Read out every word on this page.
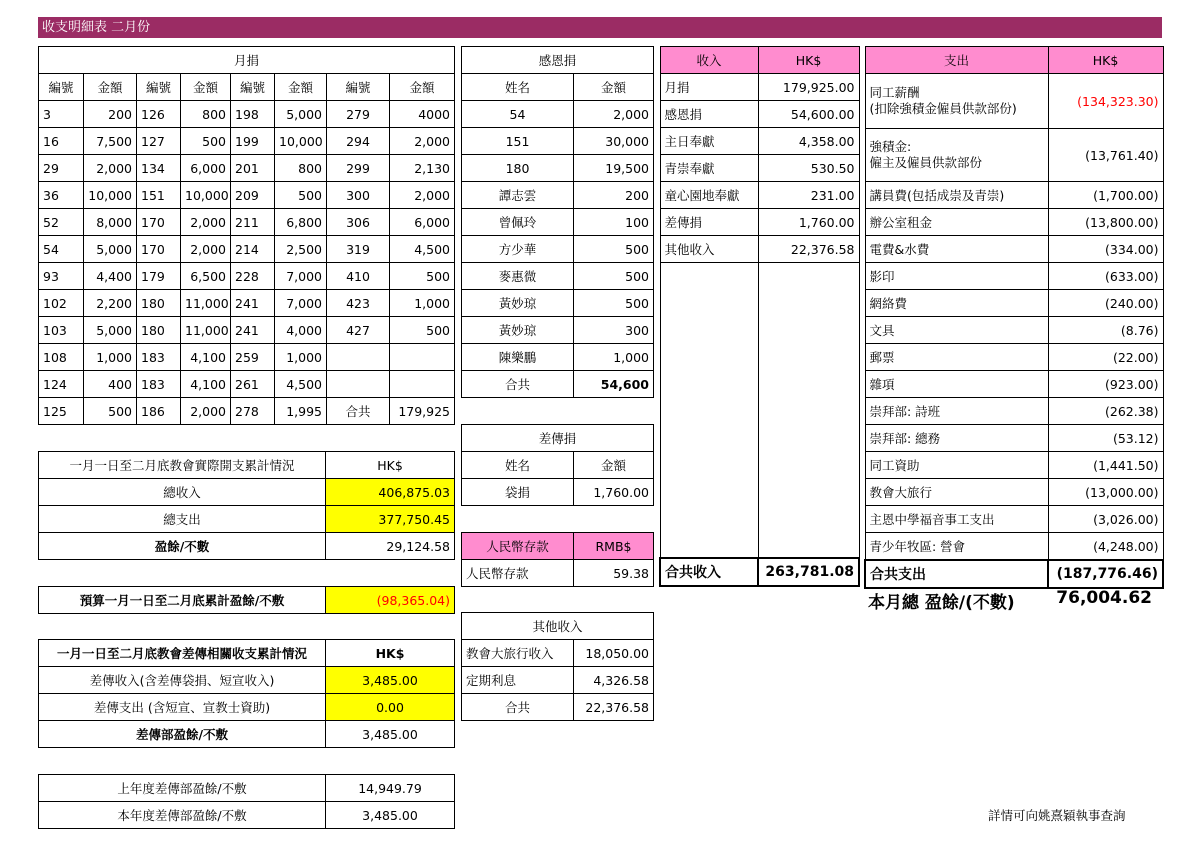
收支明細表 二月份
月捐							
編號	金額	編號	金額	編號	金額	編號	金額
3	200	126	800	198	5,000	279	4000
16	7,500	127	500	199	10,000	294	2,000
29	2,000	134	6,000	201	800	299	2,130
36	10,000	151	10,000	209	500	300	2,000
52	8,000	170	2,000	211	6,800	306	6,000
54	5,000	170	2,000	214	2,500	319	4,500
93	4,400	179	6,500	228	7,000	410	500
102	2,200	180	11,000	241	7,000	423	1,000
103	5,000	180	11,000	241	4,000	427	500
108	1,000	183	4,100	259	1,000		
124	400	183	4,100	261	4,500		
125	500	186	2,000	278	1,995	合共	179,925
感恩捐	
姓名	金額
54	2,000
151	30,000
180	19,500
譚志雲	200
曾佩玲	100
方少華	500
麥惠微	500
黃妙琼	500
黃妙琼	300
陳樂鵬	1,000
合共	54,600
差傳捐	
姓名	金額
袋捐	1,760.00
人民幣存款	RMB$
人民幣存款	59.38
其他收入	
教會大旅行收入	18,050.00
定期利息	4,326.58
合共	22,376.58
收入	HK$
月捐	179,925.00
感恩捐	54,600.00
主日奉獻	4,358.00
青崇奉獻	530.50
童心園地奉獻	231.00
差傳捐	1,760.00
其他收入	22,376.58

合共收入	263,781.08
支出	HK$
同工薪酬
(扣除強積金僱員供款部份)	(134,323.30)
強積金:
僱主及僱員供款部份	(13,761.40)
講員費(包括成崇及青崇)	(1,700.00)
辦公室租金	(13,800.00)
電費&水費	(334.00)
影印	(633.00)
網絡費	(240.00)
文具	(8.76)
郵票	(22.00)
雜項	(923.00)
崇拜部: 詩班	(262.38)
崇拜部: 總務	(53.12)
同工資助	(1,441.50)
教會大旅行	(13,000.00)
主恩中學福音事工支出	(3,026.00)
青少年牧區: 營會	(4,248.00)
合共支出	(187,776.46)
本月總 盈餘/(不數)	76,004.62
一月一日至二月底教會實際開支累計情況	HK$
總收入	406,875.03
總支出	377,750.45
盈餘/不數	29,124.58
預算一月一日至二月底累計盈餘/不敷	(98,365.04)
一月一日至二月底教會差傳相關收支累計情況	HK$
差傳收入(含差傳袋捐、短宣收入)	3,485.00
差傳支出 (含短宣、宣教士資助)	0.00
差傳部盈餘/不敷	3,485.00
上年度差傳部盈餘/不敷	14,949.79
本年度差傳部盈餘/不敷	3,485.00	詳情可向姚熹穎執事查詢
